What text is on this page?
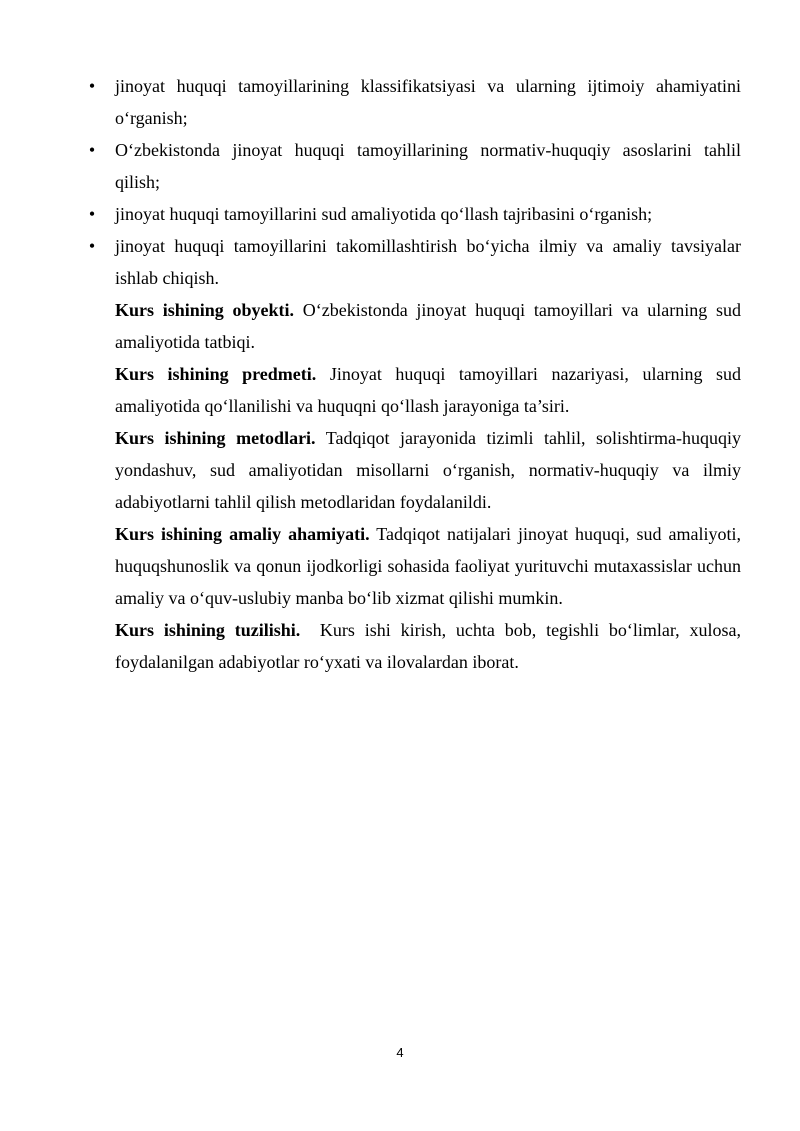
• jinoyat huquqi tamoyillarining klassifikatsiyasi va ularning ijtimoiy ahamiyatini o‘rganish;
• O‘zbekistonda jinoyat huquqi tamoyillarining normativ-huquqiy asoslarini tahlil qilish;
• jinoyat huquqi tamoyillarini sud amaliyotida qo‘llash tajribasini o‘rganish;
• jinoyat huquqi tamoyillarini takomillashtirish bo‘yicha ilmiy va amaliy tavsiyalar ishlab chiqish.

Kurs ishining obyekti. O‘zbekistonda jinoyat huquqi tamoyillari va ularning sud amaliyotida tatbiqi.

Kurs ishining predmeti. Jinoyat huquqi tamoyillari nazariyasi, ularning sud amaliyotida qo‘llanilishi va huquqni qo‘llash jarayoniga ta’siri.

Kurs ishining metodlari. Tadqiqot jarayonida tizimli tahlil, solishtirma-huquqiy yondashuv, sud amaliyotidan misollarni o‘rganish, normativ-huquqiy va ilmiy adabiyotlarni tahlil qilish metodlaridan foydalanildi.

Kurs ishining amaliy ahamiyati. Tadqiqot natijalari jinoyat huquqi, sud amaliyoti, huquqshunoslik va qonun ijodkorligi sohasida faoliyat yurituvchi mutaxassislar uchun amaliy va o‘quv-uslubiy manba bo‘lib xizmat qilishi mumkin.

Kurs ishining tuzilishi.  Kurs ishi kirish, uchta bob, tegishli bo‘limlar, xulosa, foydalanilgan adabiyotlar ro‘yxati va ilovalardan iborat.

4
